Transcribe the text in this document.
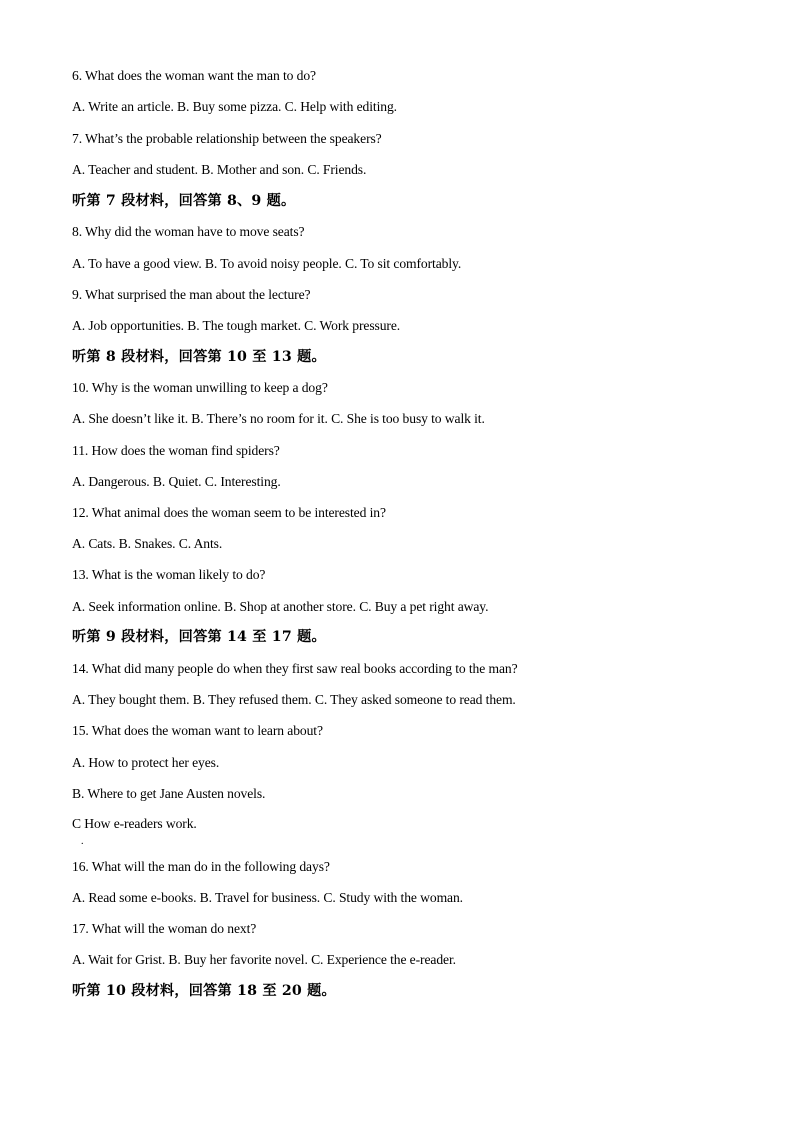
6. What does the woman want the man to do?
A. Write an article. B. Buy some pizza. C. Help with editing.
7. What’s the probable relationship between the speakers?
A. Teacher and student. B. Mother and son. C. Friends.
听第 7 段材料，回答第 8、9 题。
8. Why did the woman have to move seats?
A. To have a good view. B. To avoid noisy people. C. To sit comfortably.
9. What surprised the man about the lecture?
A. Job opportunities. B. The tough market. C. Work pressure.
听第 8 段材料，回答第 10 至 13 题。
10. Why is the woman unwilling to keep a dog?
A. She doesn’t like it. B. There’s no room for it. C. She is too busy to walk it.
11. How does the woman find spiders?
A. Dangerous. B. Quiet. C. Interesting.
12. What animal does the woman seem to be interested in?
A. Cats. B. Snakes. C. Ants.
13. What is the woman likely to do?
A. Seek information online. B. Shop at another store. C. Buy a pet right away.
听第 9 段材料，回答第 14 至 17 题。
14. What did many people do when they first saw real books according to the man?
A. They bought them. B. They refused them. C. They asked someone to read them.
15. What does the woman want to learn about?
A. How to protect her eyes.
B. Where to get Jane Austen novels.
C How e-readers work.
.
16. What will the man do in the following days?
A. Read some e-books. B. Travel for business. C. Study with the woman.
17. What will the woman do next?
A. Wait for Grist. B. Buy her favorite novel. C. Experience the e-reader.
听第 10 段材料，回答第 18 至 20 题。
